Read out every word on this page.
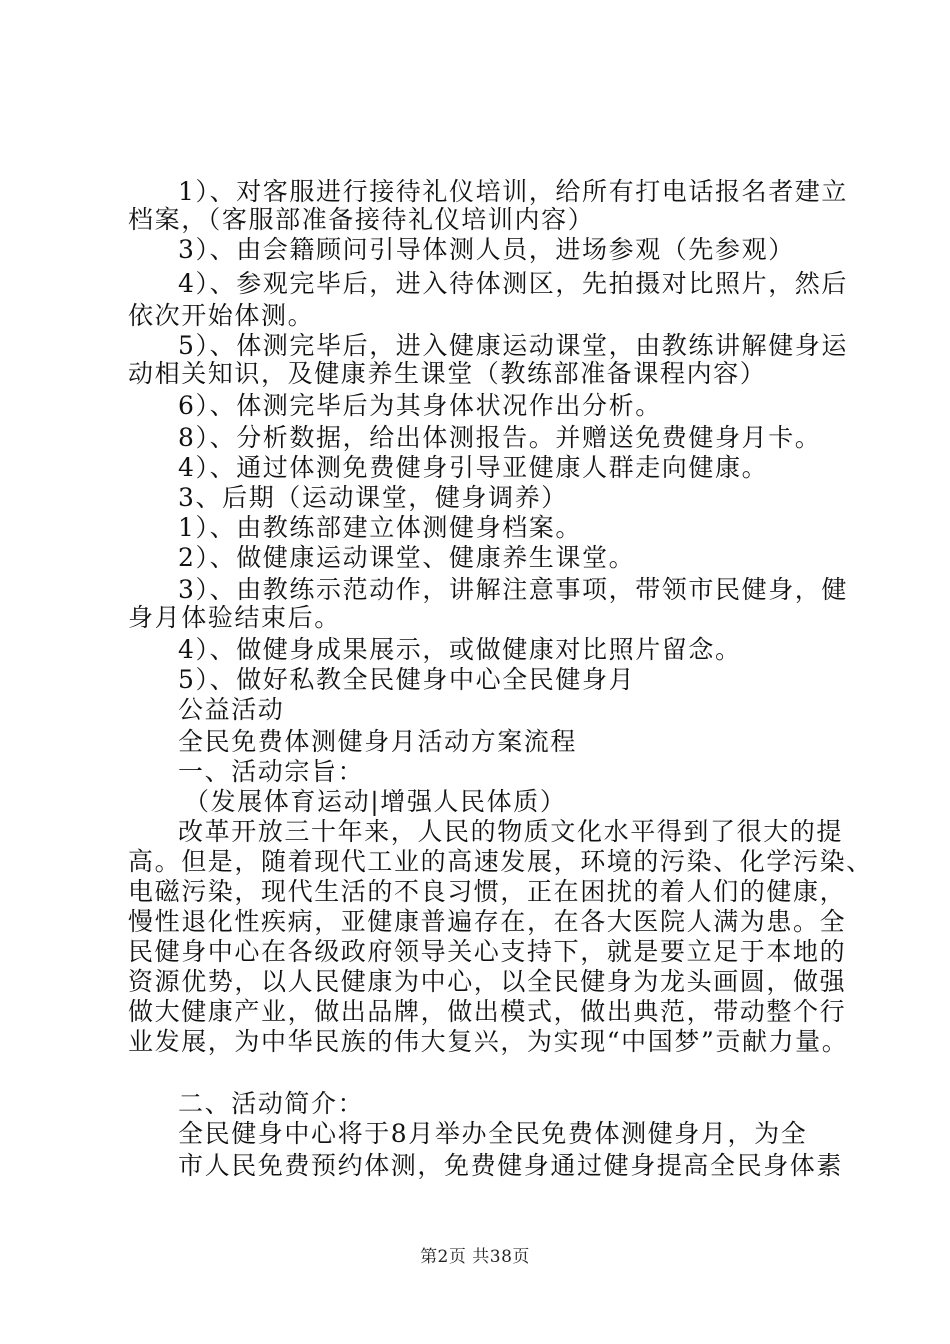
1）、对客服进行接待礼仪培训，给所有打电话报名者建立
档案，（客服部准备接待礼仪培训内容）
3）、由会籍顾问引导体测人员，进场参观（先参观）
4）、参观完毕后，进入待体测区，先拍摄对比照片，然后
依次开始体测。
5）、体测完毕后，进入健康运动课堂，由教练讲解健身运
动相关知识，及健康养生课堂（教练部准备课程内容）
6）、体测完毕后为其身体状况作出分析。
8）、分析数据，给出体测报告。并赠送免费健身月卡。
4）、通过体测免费健身引导亚健康人群走向健康。
3、后期（运动课堂，健身调养）
1）、由教练部建立体测健身档案。
2）、做健康运动课堂、健康养生课堂。
3）、由教练示范动作，讲解注意事项，带领市民健身，健
身月体验结束后。
4）、做健身成果展示，或做健康对比照片留念。
5）、做好私教全民健身中心全民健身月
公益活动
全民免费体测健身月活动方案流程
一、活动宗旨：
（发展体育运动|增强人民体质）
改革开放三十年来，人民的物质文化水平得到了很大的提
高。但是，随着现代工业的高速发展，环境的污染、化学污染、
电磁污染，现代生活的不良习惯，正在困扰的着人们的健康，
慢性退化性疾病，亚健康普遍存在，在各大医院人满为患。全
民健身中心在各级政府领导关心支持下，就是要立足于本地的
资源优势，以人民健康为中心，以全民健身为龙头画圆，做强
做大健康产业，做出品牌，做出模式，做出典范，带动整个行
业发展，为中华民族的伟大复兴，为实现“中国梦”贡献力量。
二、活动简介：
全民健身中心将于8月举办全民免费体测健身月，为全
市人民免费预约体测，免费健身通过健身提高全民身体素
第2页 共38页
